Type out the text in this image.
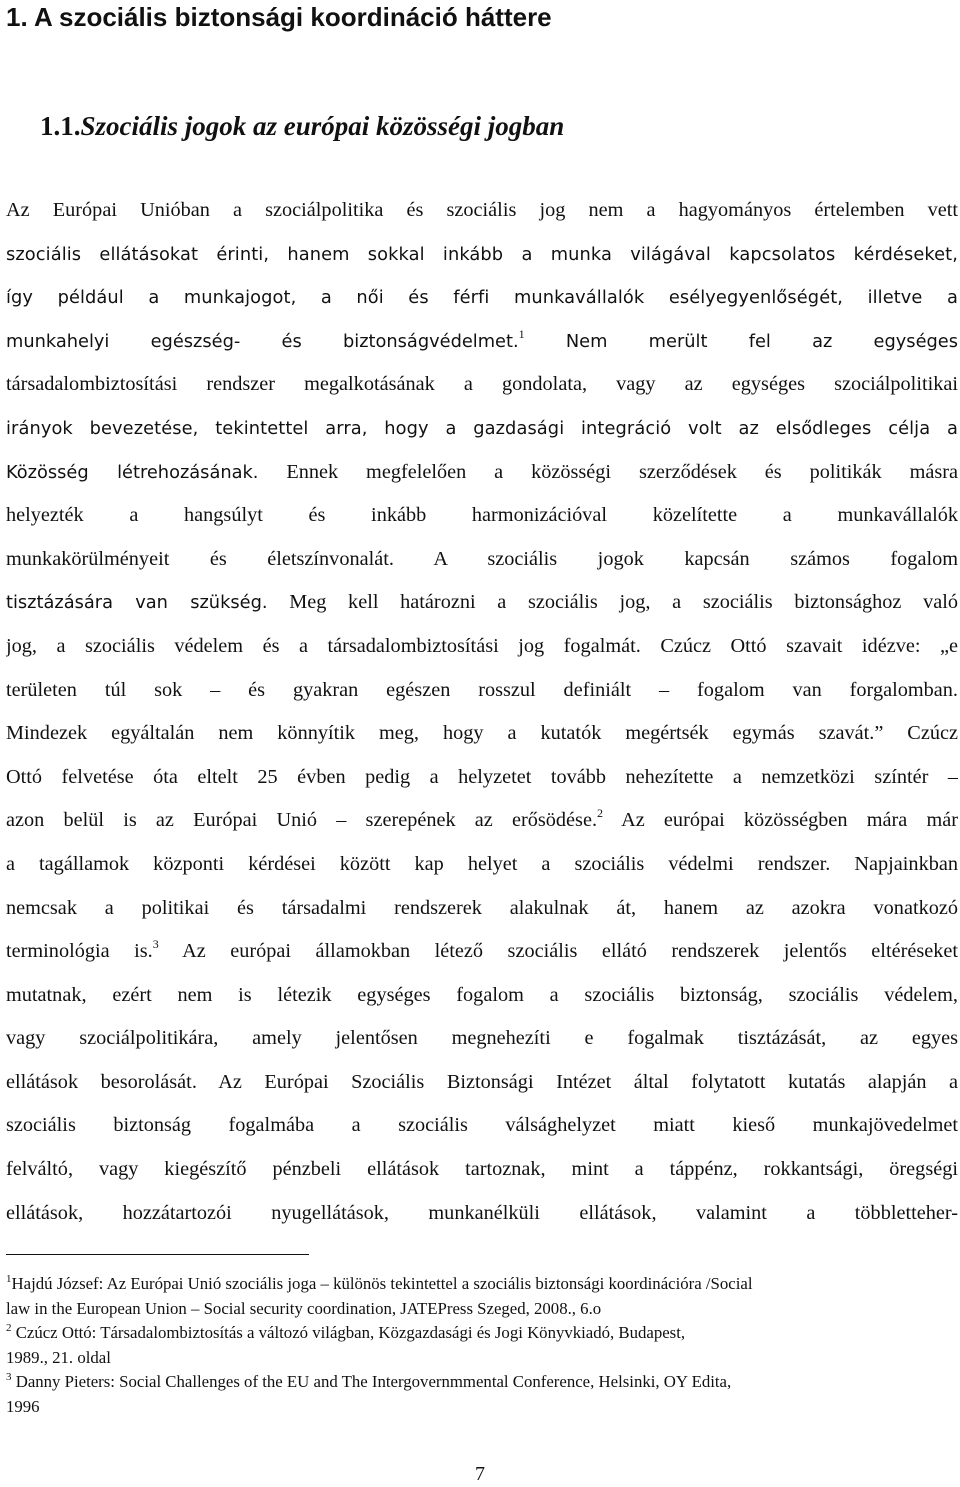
1. A szociális biztonsági koordináció háttere
1.1.Szociális jogok az európai közösségi jogban
Az Európai Unióban a szociálpolitika és szociális jog nem a hagyományos értelemben vett
szociális ellátásokat érinti, hanem sokkal inkább a munka világával kapcsolatos kérdéseket,
így például a munkajogot, a női és férfi munkavállalók esélyegyenlőségét, illetve a
munkahelyi egészség- és biztonságvédelmet.$^1$ Nem merült fel az egységes
társadalombiztosítási rendszer megalkotásának a gondolata, vagy az egységes szociálpolitikai
irányok bevezetése, tekintettel arra, hogy a gazdasági integráció volt az elsődleges célja a
Közösség létrehozásának. Ennek megfelelően a közösségi szerződések és politikák másra
helyezték a hangsúlyt és inkább harmonizációval közelítette a munkavállalók
munkakörülményeit és életszínvonalát. A szociális jogok kapcsán számos fogalom
tisztázására van szükség. Meg kell határozni a szociális jog, a szociális biztonsághoz való
jog, a szociális védelem és a társadalombiztosítási jog fogalmát. Czúcz Ottó szavait idézve: „e
területen túl sok – és gyakran egészen rosszul definiált – fogalom van forgalomban.
Mindezek egyáltalán nem könnyítik meg, hogy a kutatók megértsék egymás szavát.” Czúcz
Ottó felvetése óta eltelt 25 évben pedig a helyzetet tovább nehezítette a nemzetközi színtér –
azon belül is az Európai Unió – szerepének az erősödése.$^2$ Az európai közösségben mára már
a tagállamok központi kérdései között kap helyet a szociális védelmi rendszer. Napjainkban
nemcsak a politikai és társadalmi rendszerek alakulnak át, hanem az azokra vonatkozó
terminológia is.$^3$ Az európai államokban létező szociális ellátó rendszerek jelentős eltéréseket
mutatnak, ezért nem is létezik egységes fogalom a szociális biztonság, szociális védelem,
vagy szociálpolitikára, amely jelentősen megnehezíti e fogalmak tisztázását, az egyes
ellátások besorolását. Az Európai Szociális Biztonsági Intézet által folytatott kutatás alapján a
szociális biztonság fogalmába a szociális válsághelyzet miatt kieső munkajövedelmet
felváltó, vagy kiegészítő pénzbeli ellátások tartoznak, mint a táppénz, rokkantsági, öregségi
ellátások, hozzátartozói nyugellátások, munkanélküli ellátások, valamint a többletteher-
$^1$Hajdú József: Az Európai Unió szociális joga – különös tekintettel a szociális biztonsági koordinációra /Social
law in the European Union – Social security coordination, JATEPress Szeged, 2008., 6.o
$^2$ Czúcz Ottó: Társadalombiztosítás a változó világban, Közgazdasági és Jogi Könyvkiadó, Budapest,
1989., 21. oldal
$^3$ Danny Pieters: Social Challenges of the EU and The Intergovernmmental Conference, Helsinki, OY Edita,
1996
7
